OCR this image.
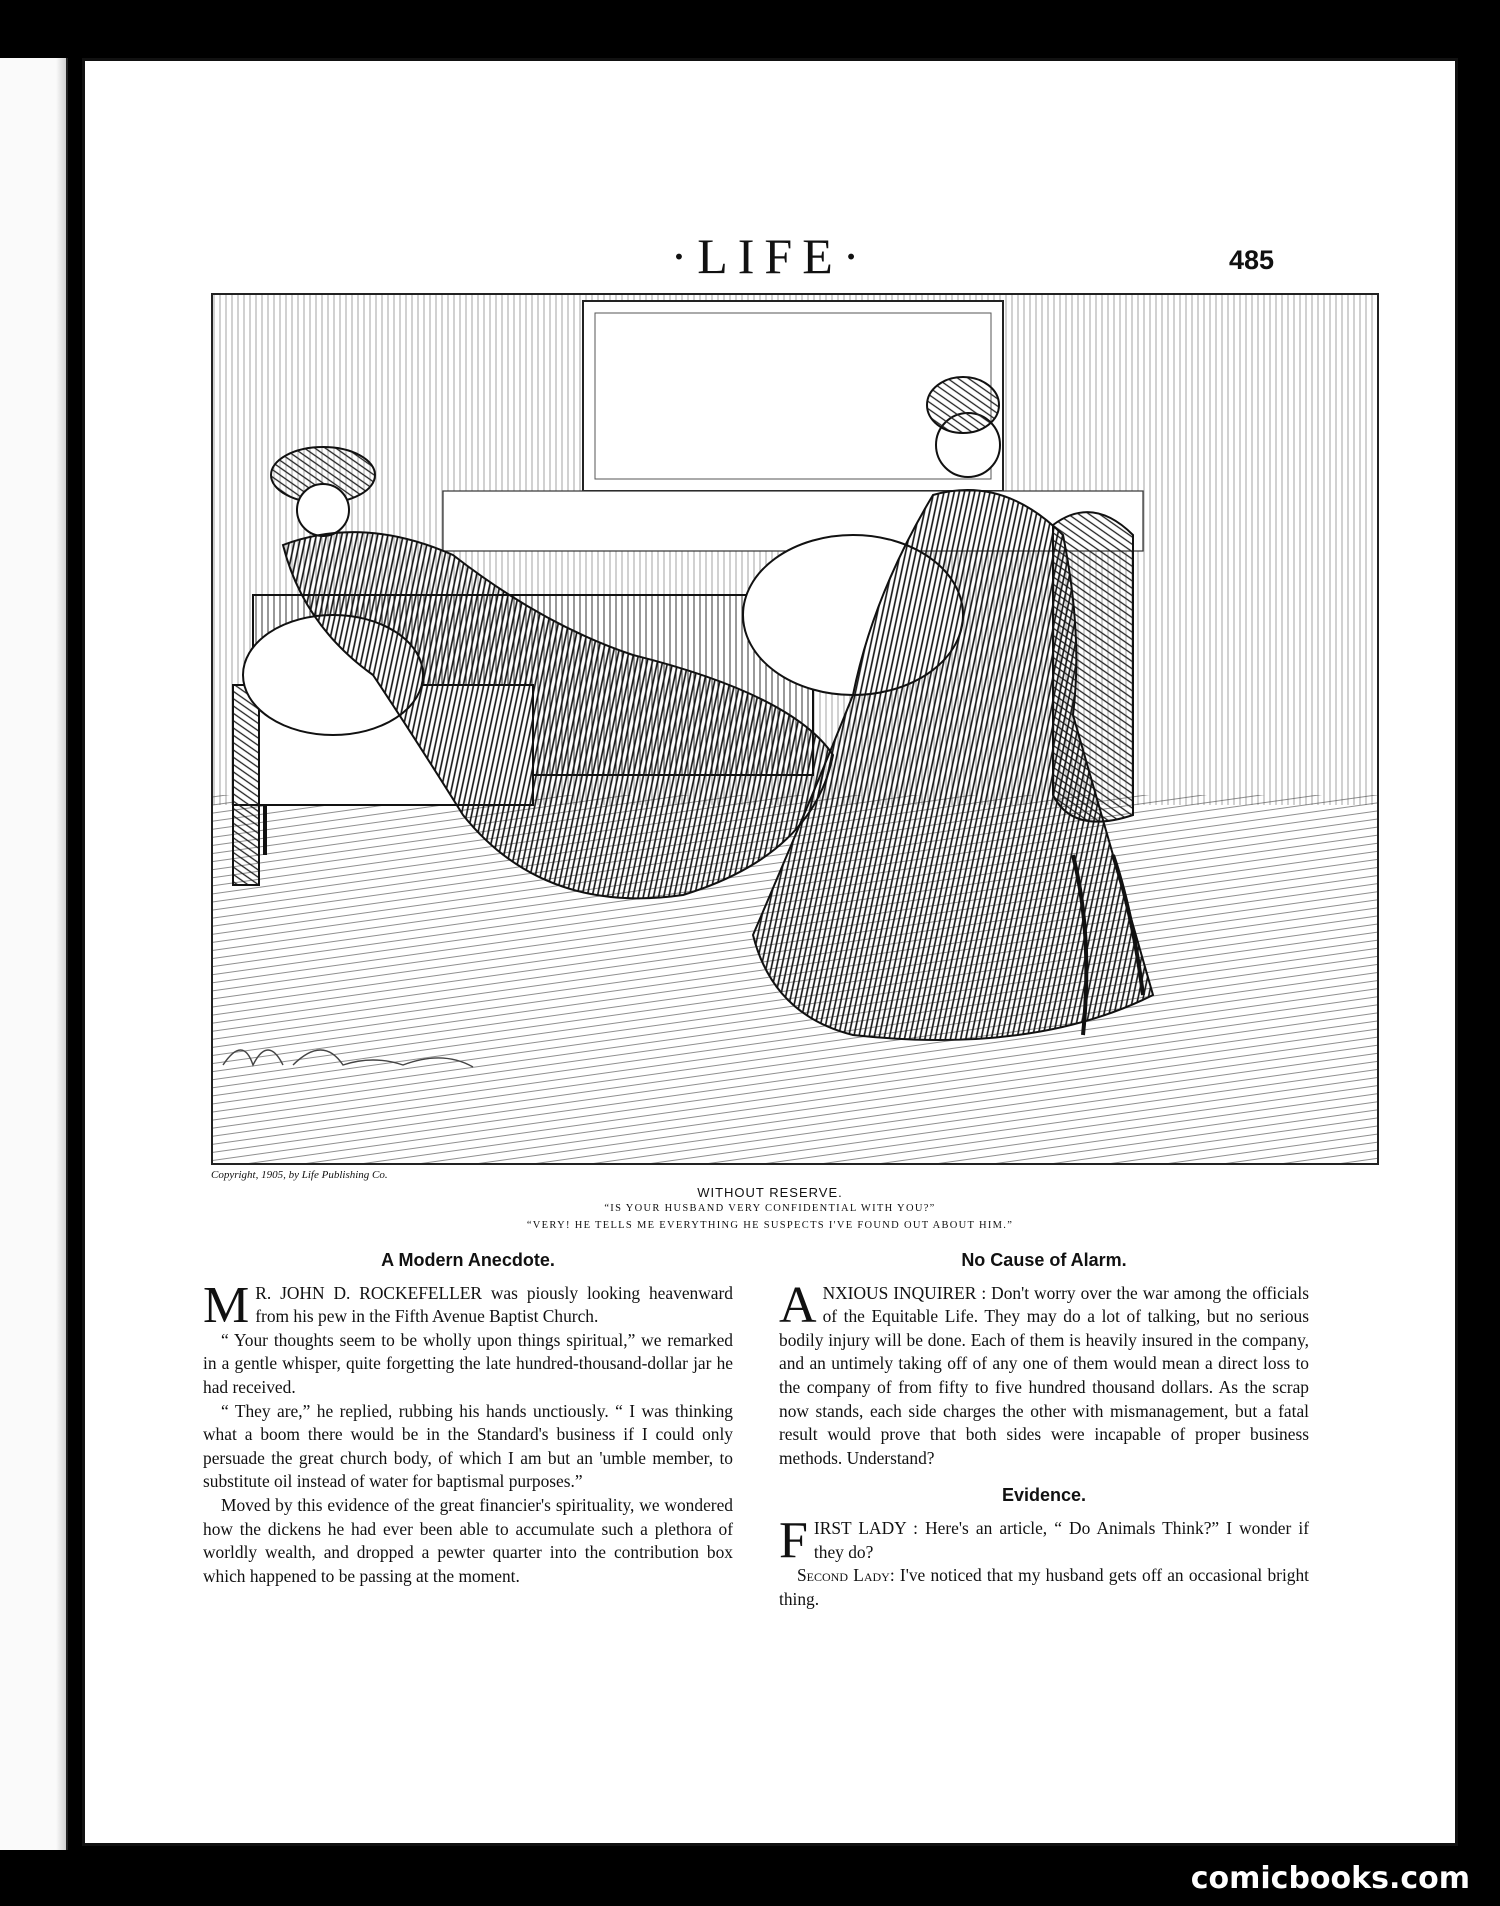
·LIFE·	485
Copyright, 1905, by Life Publishing Co.
WITHOUT RESERVE.
“IS YOUR HUSBAND VERY CONFIDENTIAL WITH YOU?”
“VERY! HE TELLS ME EVERYTHING HE SUSPECTS I'VE FOUND OUT ABOUT HIM.”
A Modern Anecdote.

M R. JOHN D. ROCKEFELLER was piously looking heavenward from his pew in the Fifth Avenue Baptist Church.

“ Your thoughts seem to be wholly upon things spiritual,” we remarked in a gentle whisper, quite forgetting the late hundred-thousand-dollar jar he had received.

“ They are,” he replied, rubbing his hands unctiously. “ I was thinking what a boom there would be in the Standard's business if I could only persuade the great church body, of which I am but an 'umble member, to substitute oil instead of water for baptismal purposes.”

Moved by this evidence of the great financier's spirituality, we wondered how the dickens he had ever been able to accumulate such a plethora of worldly wealth, and dropped a pewter quarter into the contribution box which happened to be passing at the moment.

No Cause of Alarm.

ANXIOUS INQUIRER : Don't worry over the war among the officials of the Equitable Life. They may do a lot of talking, but no serious bodily injury will be done. Each of them is heavily insured in the company, and an untimely taking off of any one of them would mean a direct loss to the company of from fifty to five hundred thousand dollars. As the scrap now stands, each side charges the other with mismanagement, but a fatal result would prove that both sides were incapable of proper business methods. Understand?

Evidence.

FIRST LADY : Here's an article, “ Do Animals Think?” I wonder if they do?

Second Lady: I've noticed that my husband gets off an occasional bright thing.

comicbooks.com
